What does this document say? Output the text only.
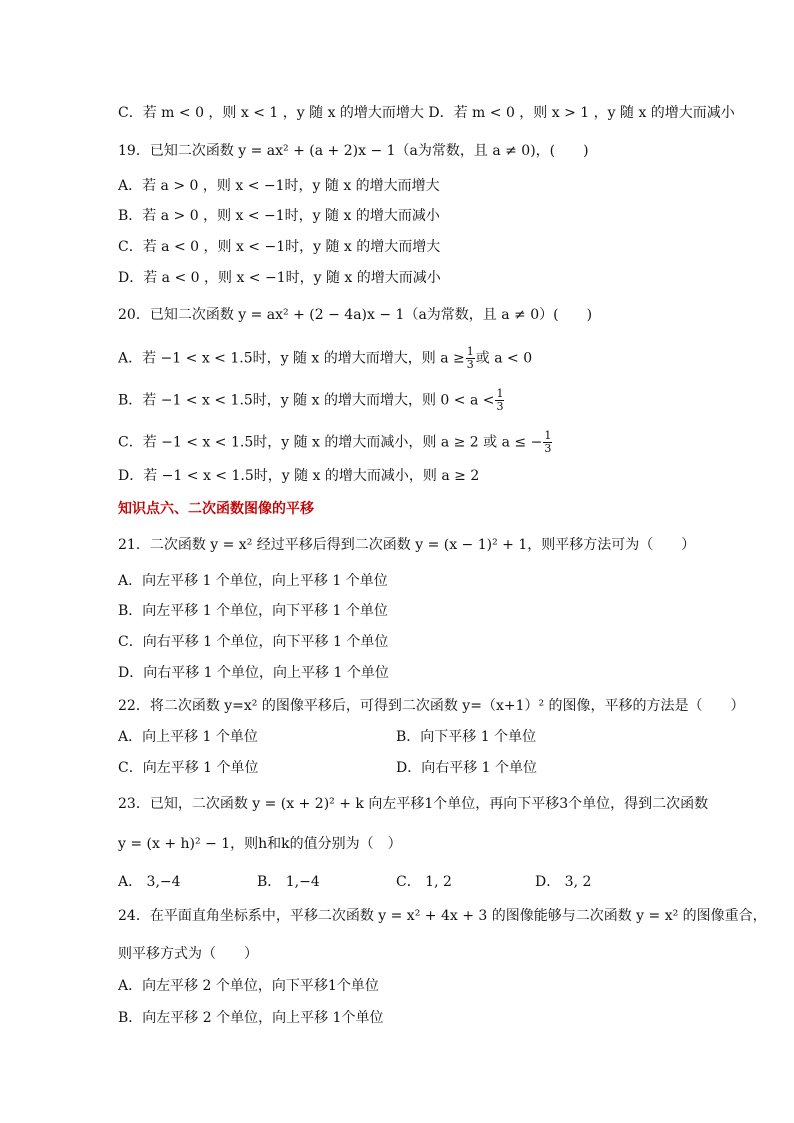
C．若 m < 0 ，则 x < 1 ，y 随 x 的增大而增大 D．若 m < 0 ，则 x > 1 ，y 随 x 的增大而减小
19．已知二次函数 y = ax² + (a + 2)x − 1（a为常数，且 a ≠ 0)，(　　)
A．若 a > 0 ，则 x < −1时，y 随 x 的增大而增大
B．若 a > 0 ，则 x < −1时，y 随 x 的增大而减小
C．若 a < 0 ，则 x < −1时，y 随 x 的增大而增大
D．若 a < 0 ，则 x < −1时，y 随 x 的增大而减小
20．已知二次函数 y = ax² + (2 − 4a)x − 1（a为常数，且 a ≠ 0）(　　)
D．若 −1 < x < 1.5时，y 随 x 的增大而减小，则 a ≥ 2
知识点六、二次函数图像的平移
21．二次函数 y = x² 经过平移后得到二次函数 y = (x − 1)² + 1，则平移方法可为（　　）
A．向左平移 1 个单位，向上平移 1 个单位
B．向左平移 1 个单位，向下平移 1 个单位
C．向右平移 1 个单位，向下平移 1 个单位
D．向右平移 1 个单位，向上平移 1 个单位
22．将二次函数 y=x² 的图像平移后，可得到二次函数 y=（x+1）² 的图像，平移的方法是（　　）
23．已知，二次函数 y = (x + 2)² + k 向左平移1个单位，再向下平移3个单位，得到二次函数
y = (x + h)² − 1，则h和k的值分别为（　）
24．在平面直角坐标系中，平移二次函数 y = x² + 4x + 3 的图像能够与二次函数 y = x² 的图像重合，
则平移方式为（　　）
A．向左平移 2 个单位，向下平移1个单位
B．向左平移 2 个单位，向上平移 1个单位
A．若 −1 < x < 1.5时，y 随 x 的增大而增大，则 $a \ge \frac{1}{3}$ 或 a < 0
B．若 −1 < x < 1.5时，y 随 x 的增大而增大，则 $0 < a < \frac{1}{3}$
C．若 −1 < x < 1.5时，y 随 x 的增大而减小，则 a ≥ 2 或 a ≤ − $\frac{1}{3}$
A．向上平移 1 个单位	B．向下平移 1 个单位
C．向左平移 1 个单位	D．向右平移 1 个单位
A． 3,−4	B． 1,−4	C． 1, 2	D． 3, 2
